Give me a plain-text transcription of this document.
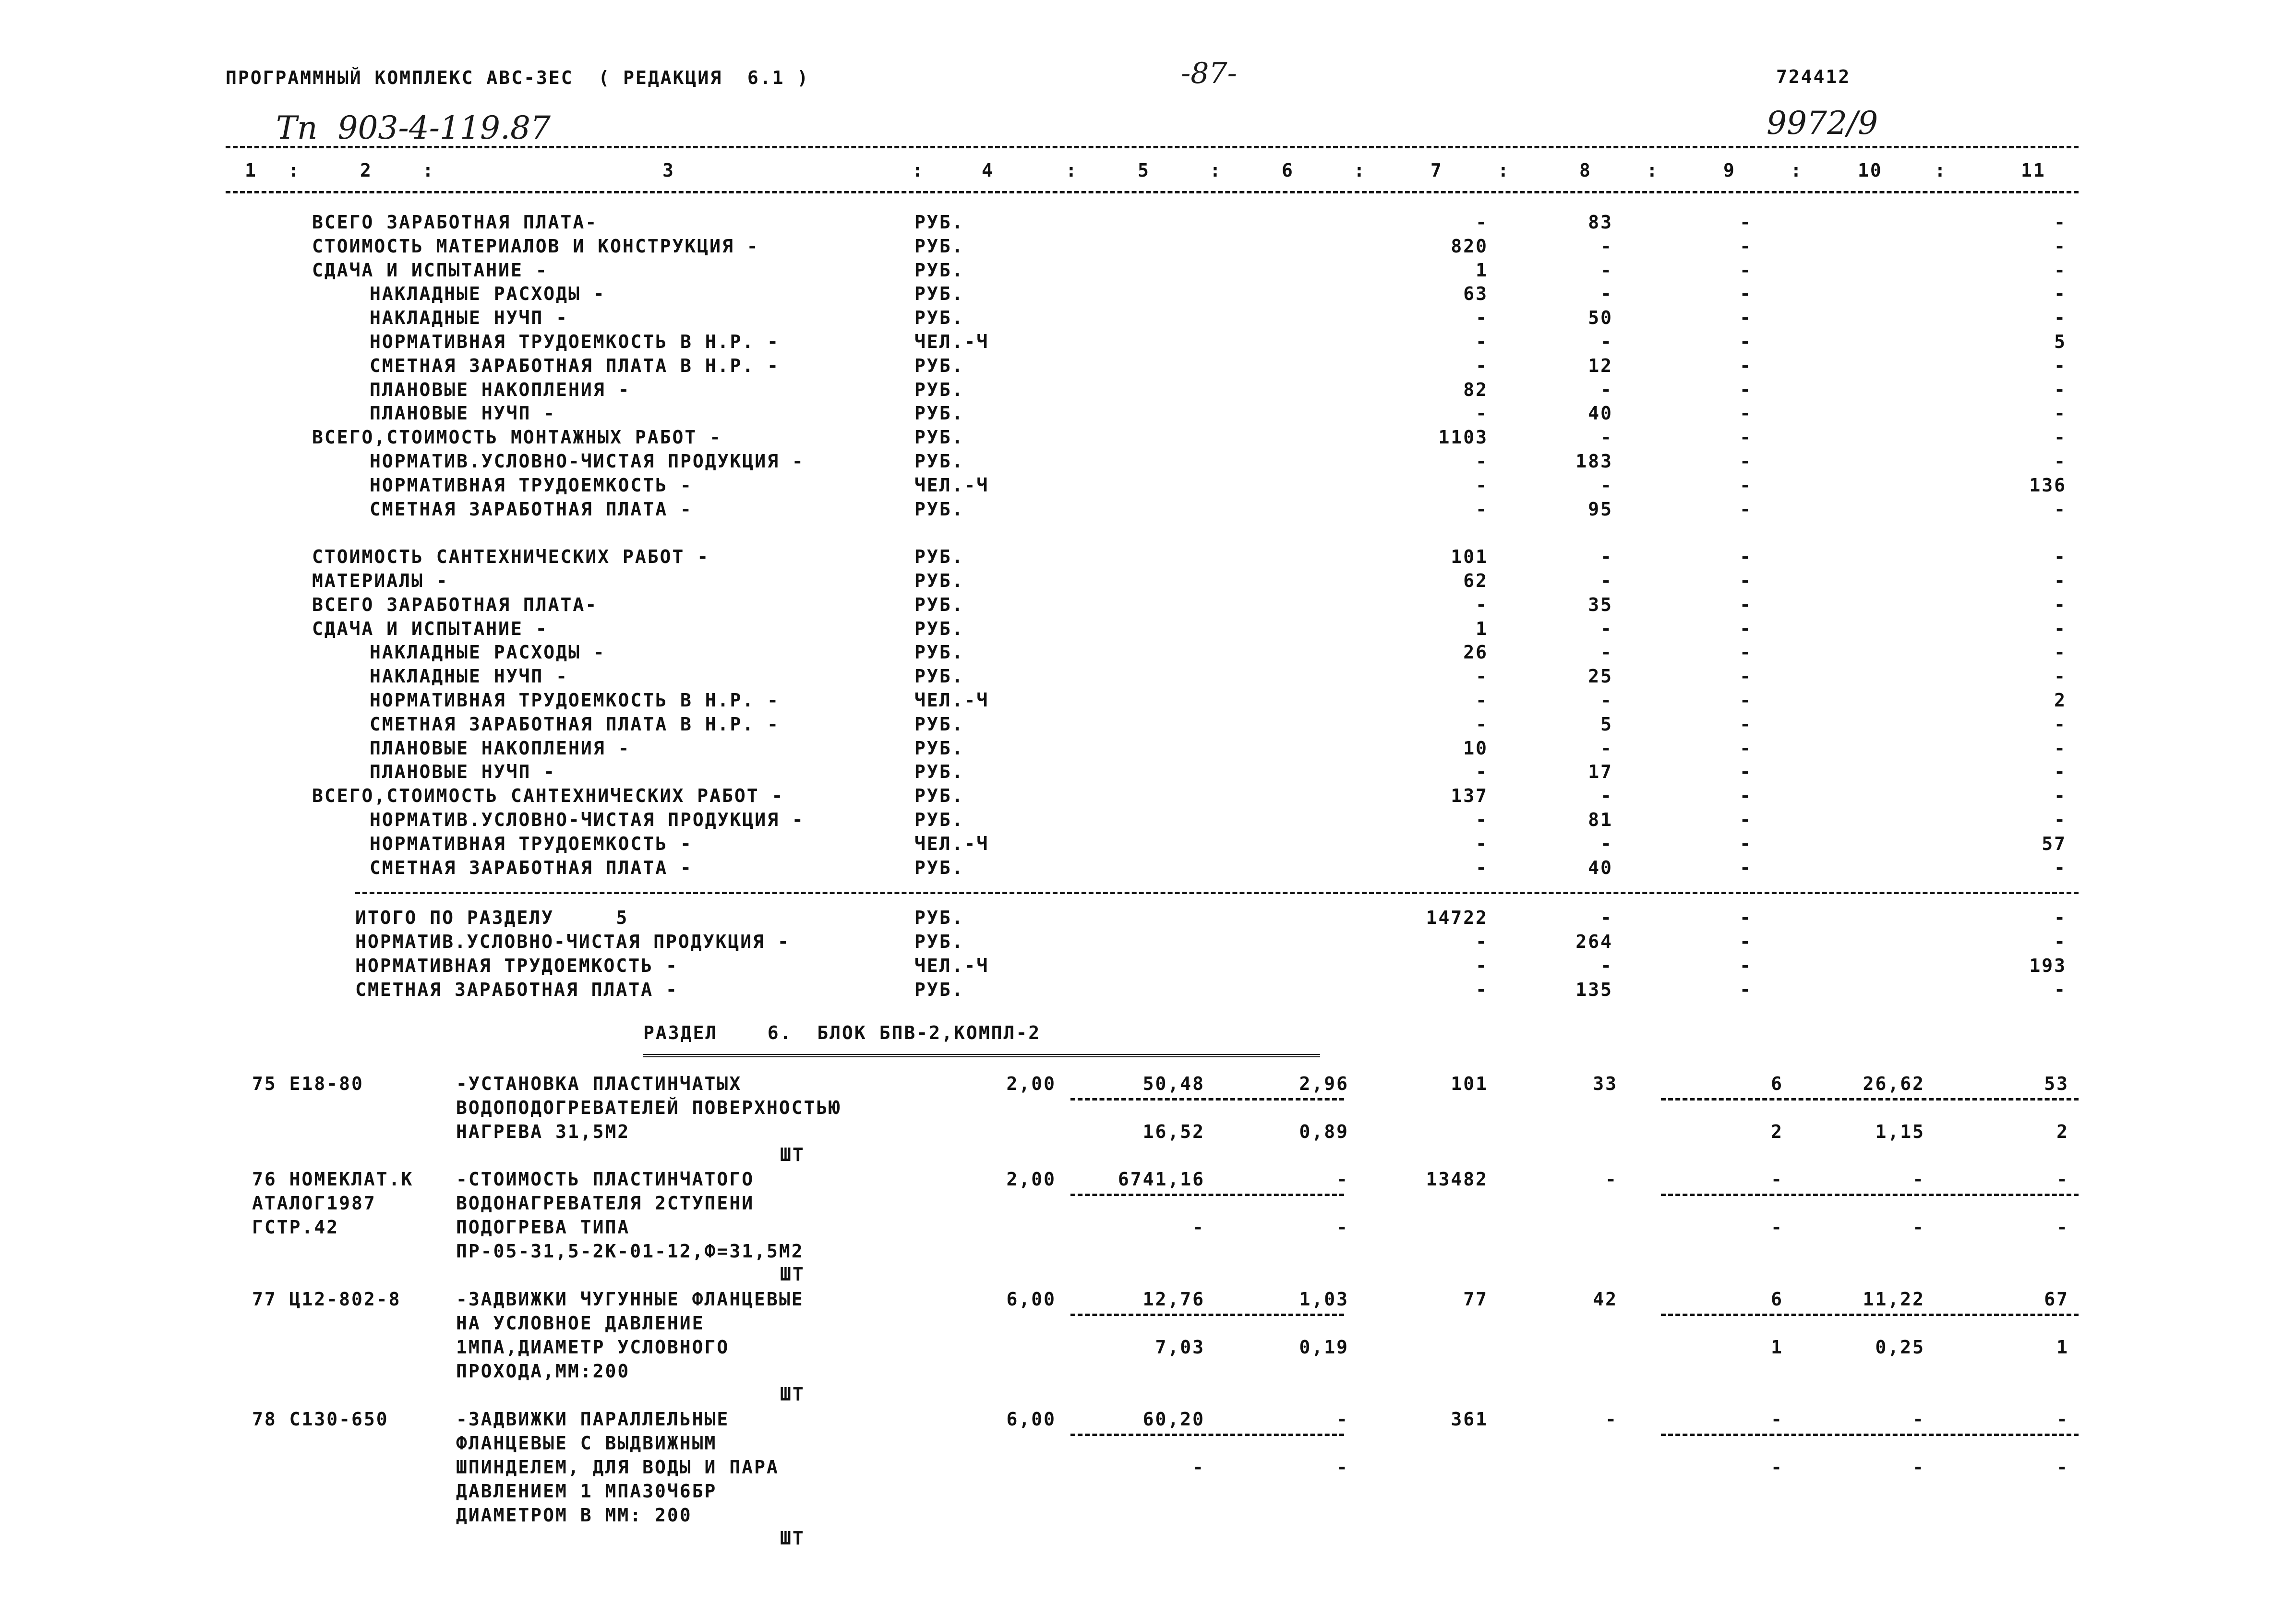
ПРОГРАММНЫЙ КОМПЛЕКС АВС-3ЕС  ( РЕДАКЦИЯ  6.1 )	-87-	724412
Тп  903-4-119.87	9972/9
1 :	2	:	3	:	4	:	5	:	6	:	7	:	8	:	9	:	10	:	11
ВСЕГО ЗАРАБОТНАЯ ПЛАТА-	РУБ.	-	83	-	-
СТОИМОСТЬ МАТЕРИАЛОВ И КОНСТРУКЦИЯ -	РУБ.	820	-	-	-
СДАЧА И ИСПЫТАНИЕ -	РУБ.	1	-	-	-
НАКЛАДНЫЕ РАСХОДЫ -	РУБ.	63	-	-	-
НАКЛАДНЫЕ НУЧП -	РУБ.	-	50	-	-
НОРМАТИВНАЯ ТРУДОЕМКОСТЬ В Н.Р. -	ЧЕЛ.-Ч	-	-	-	5
СМЕТНАЯ ЗАРАБОТНАЯ ПЛАТА В Н.Р. -	РУБ.	-	12	-	-
ПЛАНОВЫЕ НАКОПЛЕНИЯ -	РУБ.	82	-	-	-
ПЛАНОВЫЕ НУЧП -	РУБ.	-	40	-	-
ВСЕГО,СТОИМОСТЬ МОНТАЖНЫХ РАБОТ -	РУБ.	1103	-	-	-
НОРМАТИВ.УСЛОВНО-ЧИСТАЯ ПРОДУКЦИЯ -	РУБ.	-	183	-	-
НОРМАТИВНАЯ ТРУДОЕМКОСТЬ -	ЧЕЛ.-Ч	-	-	-	136
СМЕТНАЯ ЗАРАБОТНАЯ ПЛАТА -	РУБ.	-	95	-	-
СТОИМОСТЬ САНТЕХНИЧЕСКИХ РАБОТ -	РУБ.	101	-	-	-
МАТЕРИАЛЫ -	РУБ.	62	-	-	-
ВСЕГО ЗАРАБОТНАЯ ПЛАТА-	РУБ.	-	35	-	-
СДАЧА И ИСПЫТАНИЕ -	РУБ.	1	-	-	-
НАКЛАДНЫЕ РАСХОДЫ -	РУБ.	26	-	-	-
НАКЛАДНЫЕ НУЧП -	РУБ.	-	25	-	-
НОРМАТИВНАЯ ТРУДОЕМКОСТЬ В Н.Р. -	ЧЕЛ.-Ч	-	-	-	2
СМЕТНАЯ ЗАРАБОТНАЯ ПЛАТА В Н.Р. -	РУБ.	-	5	-	-
ПЛАНОВЫЕ НАКОПЛЕНИЯ -	РУБ.	10	-	-	-
ПЛАНОВЫЕ НУЧП -	РУБ.	-	17	-	-
ВСЕГО,СТОИМОСТЬ САНТЕХНИЧЕСКИХ РАБОТ -	РУБ.	137	-	-	-
НОРМАТИВ.УСЛОВНО-ЧИСТАЯ ПРОДУКЦИЯ -	РУБ.	-	81	-	-
НОРМАТИВНАЯ ТРУДОЕМКОСТЬ -	ЧЕЛ.-Ч	-	-	-	57
СМЕТНАЯ ЗАРАБОТНАЯ ПЛАТА -	РУБ.	-	40	-	-
ИТОГО ПО РАЗДЕЛУ     5	РУБ.	14722	-	-	-
НОРМАТИВ.УСЛОВНО-ЧИСТАЯ ПРОДУКЦИЯ -	РУБ.	-	264	-	-
НОРМАТИВНАЯ ТРУДОЕМКОСТЬ -	ЧЕЛ.-Ч	-	-	-	193
СМЕТНАЯ ЗАРАБОТНАЯ ПЛАТА -	РУБ.	-	135	-	-
РАЗДЕЛ    6.  БЛОК БПВ-2,КОМПЛ-2
75 Е18-80	-УСТАНОВКА ПЛАСТИНЧАТЫХ
ВОДОПОДОГРЕВАТЕЛЕЙ ПОВЕРХНОСТЬЮ
НАГРЕВА 31,5М2
ШТ
2,00	50,48	2,96	101	33	6	26,62	53
16,52	0,89	2	1,15	2
76 НОМЕКЛАТ.К
АТАЛОГ1987
ГСТР.42
-СТОИМОСТЬ ПЛАСТИНЧАТОГО
ВОДОНАГРЕВАТЕЛЯ 2СТУПЕНИ
ПОДОГРЕВА ТИПА
ПР-05-31,5-2К-01-12,Ф=31,5М2
ШТ
2,00	6741,16	-	13482	-	-	-	-
-	-	-	-	-
77 Ц12-802-8	-ЗАДВИЖКИ ЧУГУННЫЕ ФЛАНЦЕВЫЕ
НА УСЛОВНОЕ ДАВЛЕНИЕ
1МПА,ДИАМЕТР УСЛОВНОГО
ПРОХОДА,ММ:200
ШТ
6,00	12,76	1,03	77	42	6	11,22	67
7,03	0,19	1	0,25	1
78 С130-650	-ЗАДВИЖКИ ПАРАЛЛЕЛЬНЫЕ
ФЛАНЦЕВЫЕ С ВЫДВИЖНЫМ
ШПИНДЕЛЕМ, ДЛЯ ВОДЫ И ПАРА
ДАВЛЕНИЕМ 1 МПА30Ч6БР
ДИАМЕТРОМ В ММ: 200
ШТ
6,00	60,20	-	361	-	-	-	-
-	-	-	-	-
